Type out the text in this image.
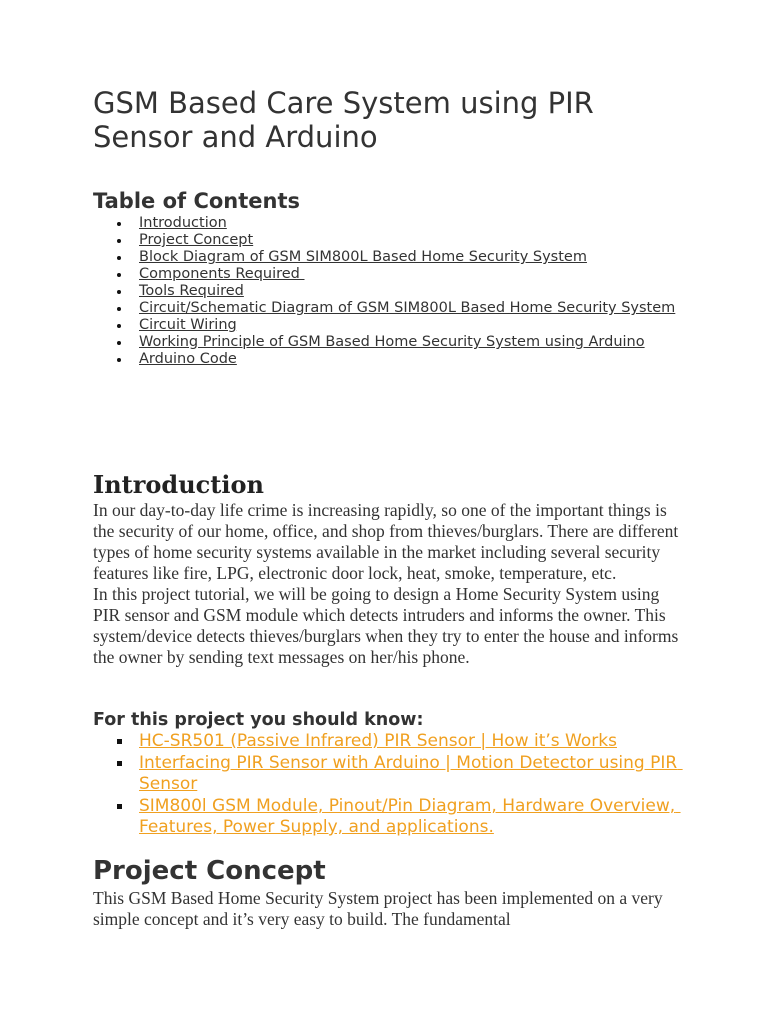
GSM Based Care System using PIR Sensor and Arduino
Table of Contents
Introduction
Project Concept
Block Diagram of GSM SIM800L Based Home Security System
Components Required
Tools Required
Circuit/Schematic Diagram of GSM SIM800L Based Home Security System
Circuit Wiring
Working Principle of GSM Based Home Security System using Arduino
Arduino Code
Introduction

In our day-to-day life crime is increasing rapidly, so one of the important things is the security of our home, office, and shop from thieves/burglars. There are different types of home security systems available in the market including several security features like fire, LPG, electronic door lock, heat, smoke, temperature, etc.

In this project tutorial, we will be going to design a Home Security System using PIR sensor and GSM module which detects intruders and informs the owner. This system/device detects thieves/burglars when they try to enter the house and informs the owner by sending text messages on her/his phone.

For this project you should know:
HC-SR501 (Passive Infrared) PIR Sensor | How it’s Works
Interfacing PIR Sensor with Arduino | Motion Detector using PIR Sensor
SIM800l GSM Module, Pinout/Pin Diagram, Hardware Overview, Features, Power Supply, and applications.
Project Concept

This GSM Based Home Security System project has been implemented on a very simple concept and it’s very easy to build. The fundamental
